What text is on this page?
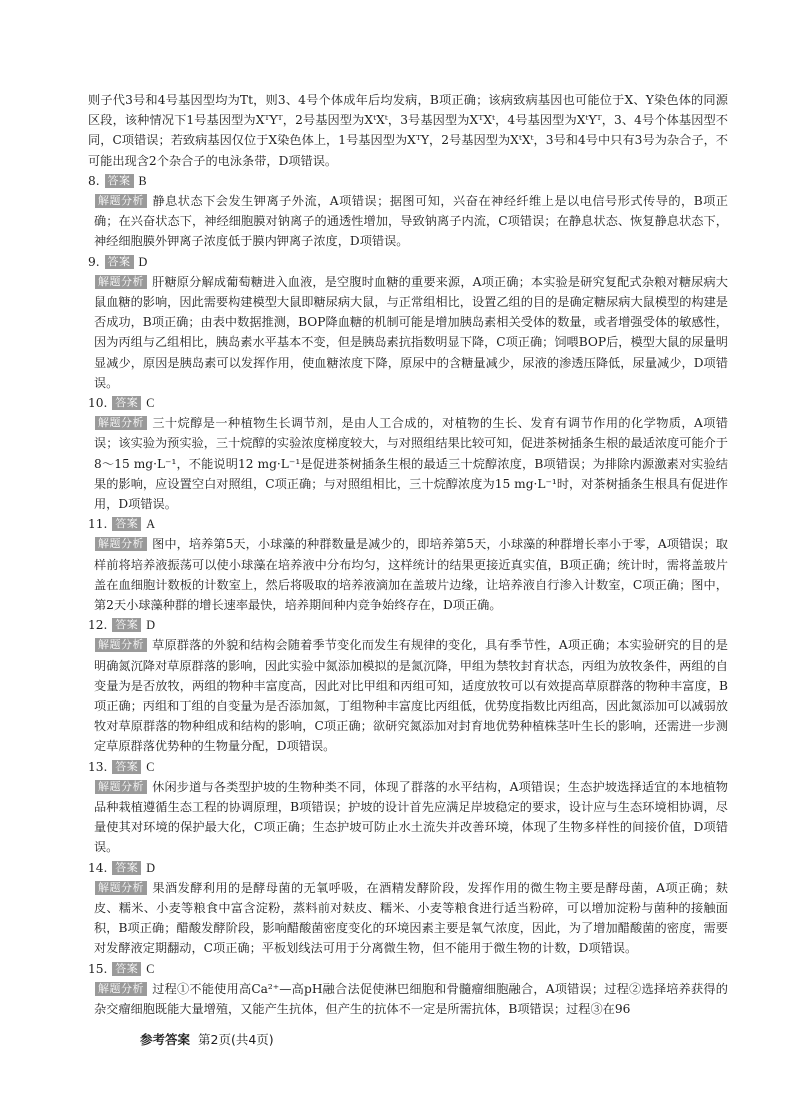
则子代3号和4号基因型均为Tt，则3、4号个体成年后均发病，B项正确；该病致病基因也可能位于X、Y染色体的同源区段，该种情况下1号基因型为XᵀYᵀ，2号基因型为XᵗXᵗ，3号基因型为XᵀXᵗ，4号基因型为XᵗYᵀ，3、4号个体基因型不同，C项错误；若致病基因仅位于X染色体上，1号基因型为XᵀY，2号基因型为XᵗXᵗ，3号和4号中只有3号为杂合子，不可能出现含2个杂合子的电泳条带，D项错误。

8. 答案 B

解题分析 静息状态下会发生钾离子外流，A项错误；据图可知，兴奋在神经纤维上是以电信号形式传导的，B项正确；在兴奋状态下，神经细胞膜对钠离子的通透性增加，导致钠离子内流，C项错误；在静息状态、恢复静息状态下，神经细胞膜外钾离子浓度低于膜内钾离子浓度，D项错误。

9. 答案 D

解题分析 肝糖原分解成葡萄糖进入血液，是空腹时血糖的重要来源，A项正确；本实验是研究复配式杂粮对糖尿病大鼠血糖的影响，因此需要构建模型大鼠即糖尿病大鼠，与正常组相比，设置乙组的目的是确定糖尿病大鼠模型的构建是否成功，B项正确；由表中数据推测，BOP降血糖的机制可能是增加胰岛素相关受体的数量，或者增强受体的敏感性，因为丙组与乙组相比，胰岛素水平基本不变，但是胰岛素抗指数明显下降，C项正确；饲喂BOP后，模型大鼠的尿量明显减少，原因是胰岛素可以发挥作用，使血糖浓度下降，原尿中的含糖量减少，尿液的渗透压降低，尿量减少，D项错误。

10. 答案 C

解题分析 三十烷醇是一种植物生长调节剂，是由人工合成的，对植物的生长、发育有调节作用的化学物质，A项错误；该实验为预实验，三十烷醇的实验浓度梯度较大，与对照组结果比较可知，促进茶树插条生根的最适浓度可能介于8～15 mg·L⁻¹，不能说明12 mg·L⁻¹是促进茶树插条生根的最适三十烷醇浓度，B项错误；为排除内源激素对实验结果的影响，应设置空白对照组，C项正确；与对照组相比，三十烷醇浓度为15 mg·L⁻¹时，对茶树插条生根具有促进作用，D项错误。

11. 答案 A

解题分析 图中，培养第5天，小球藻的种群数量是减少的，即培养第5天，小球藻的种群增长率小于零，A项错误；取样前将培养液振荡可以使小球藻在培养液中分布均匀，这样统计的结果更接近真实值，B项正确；统计时，需将盖玻片盖在血细胞计数板的计数室上，然后将吸取的培养液滴加在盖玻片边缘，让培养液自行渗入计数室，C项正确；图中，第2天小球藻种群的增长速率最快，培养期间种内竞争始终存在，D项正确。

12. 答案 D

解题分析 草原群落的外貌和结构会随着季节变化而发生有规律的变化，具有季节性，A项正确；本实验研究的目的是明确氮沉降对草原群落的影响，因此实验中氮添加模拟的是氮沉降，甲组为禁牧封育状态，丙组为放牧条件，两组的自变量为是否放牧，两组的物种丰富度高，因此对比甲组和丙组可知，适度放牧可以有效提高草原群落的物种丰富度，B项正确；丙组和丁组的自变量为是否添加氮，丁组物种丰富度比丙组低，优势度指数比丙组高，因此氮添加可以减弱放牧对草原群落的物种组成和结构的影响，C项正确；欲研究氮添加对封育地优势种植株茎叶生长的影响，还需进一步测定草原群落优势种的生物量分配，D项错误。

13. 答案 C

解题分析 休闲步道与各类型护坡的生物种类不同，体现了群落的水平结构，A项错误；生态护坡选择适宜的本地植物品种栽植遵循生态工程的协调原理，B项错误；护坡的设计首先应满足岸坡稳定的要求，设计应与生态环境相协调，尽量使其对环境的保护最大化，C项正确；生态护坡可防止水土流失并改善环境，体现了生物多样性的间接价值，D项错误。

14. 答案 D

解题分析 果酒发酵利用的是酵母菌的无氧呼吸，在酒精发酵阶段，发挥作用的微生物主要是酵母菌，A项正确；麸皮、糯米、小麦等粮食中富含淀粉，蒸料前对麸皮、糯米、小麦等粮食进行适当粉碎，可以增加淀粉与菌种的接触面积，B项正确；醋酸发酵阶段，影响醋酸菌密度变化的环境因素主要是氧气浓度，因此，为了增加醋酸菌的密度，需要对发酵液定期翻动，C项正确；平板划线法可用于分离微生物，但不能用于微生物的计数，D项错误。

15. 答案 C

解题分析 过程①不能使用高Ca²⁺—高pH融合法促使淋巴细胞和骨髓瘤细胞融合，A项错误；过程②选择培养获得的杂交瘤细胞既能大量增殖，又能产生抗体，但产生的抗体不一定是所需抗体，B项错误；过程③在96

参考答案 第2页(共4页)
